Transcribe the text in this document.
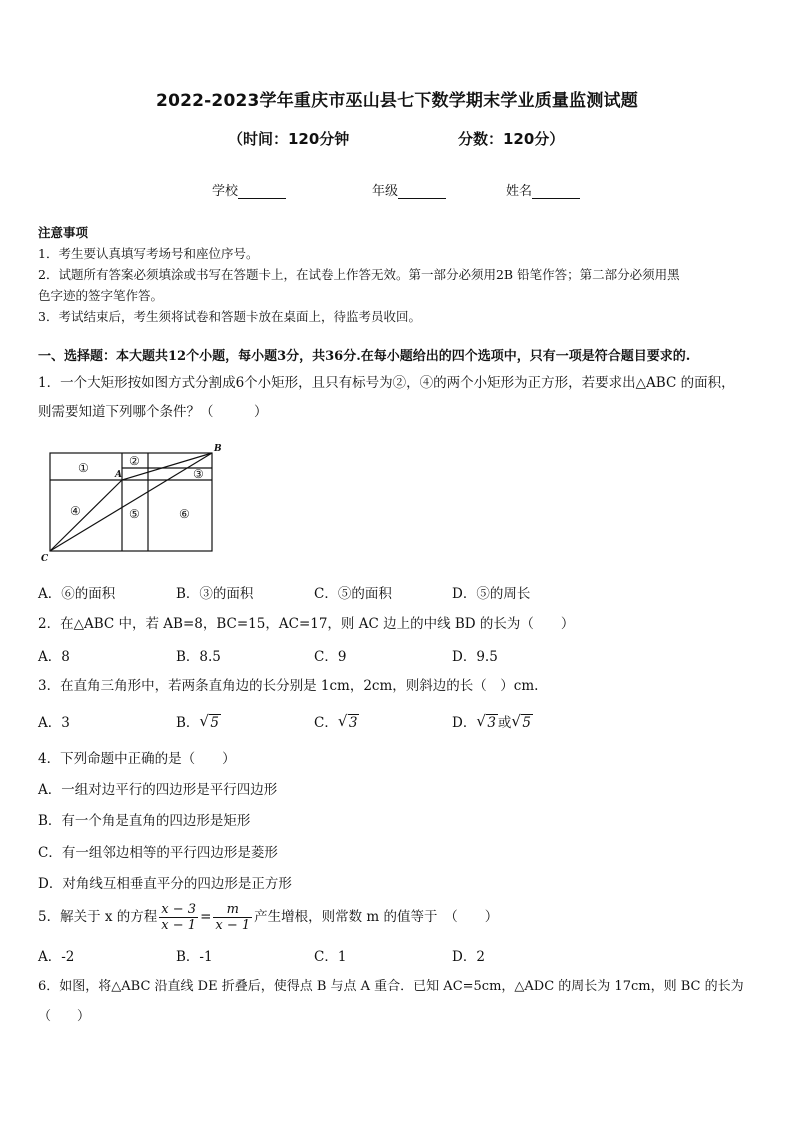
2022-2023学年重庆市巫山县七下数学期末学业质量监测试题
（时间：120分钟	分数：120分）
学校	年级	姓名
注意事项
1．考生要认真填写考场号和座位序号。
2．试题所有答案必须填涂或书写在答题卡上，在试卷上作答无效。第一部分必须用2B 铅笔作答；第二部分必须用黑
色字迹的签字笔作答。
3．考试结束后，考生须将试卷和答题卡放在桌面上，待监考员收回。
一、选择题：本大题共12个小题，每小题3分，共36分.在每小题给出的四个选项中，只有一项是符合题目要求的.
1．一个大矩形按如图方式分割成6个小矩形，且只有标号为②，④的两个小矩形为正方形，若要求出△ABC 的面积，
则需要知道下列哪个条件？（　　　）
①	②
③
④	⑤	⑥
A
B
C
A．⑥的面积	B．③的面积	C．⑤的面积	D．⑤的周长
2．在△ABC 中，若 AB=8，BC=15，AC=17，则 AC 边上的中线 BD 的长为（　　）
A．8	B．8.5	C．9	D．9.5
3．在直角三角形中，若两条直角边的长分别是 1cm，2cm，则斜边的长（　）cm.
A．3	B． √ 5	C． √ 3	D． √ 3 或 √ 5
4．下列命题中正确的是（　　）
A．一组对边平行的四边形是平行四边形
B．有一个角是直角的四边形是矩形
C．有一组邻边相等的平行四边形是菱形
D．对角线互相垂直平分的四边形是正方形
5．解关于 x 的方程 $\frac{x - 3}{x - 1} = \frac{m}{x - 1}$ 产生增根，则常数 m 的值等于　（　　）
A．-2	B．-1	C．1	D．2
6．如图，将△ABC 沿直线 DE 折叠后，使得点 B 与点 A 重合．已知 AC=5cm，△ADC 的周长为 17cm，则 BC 的长为
（　　）
